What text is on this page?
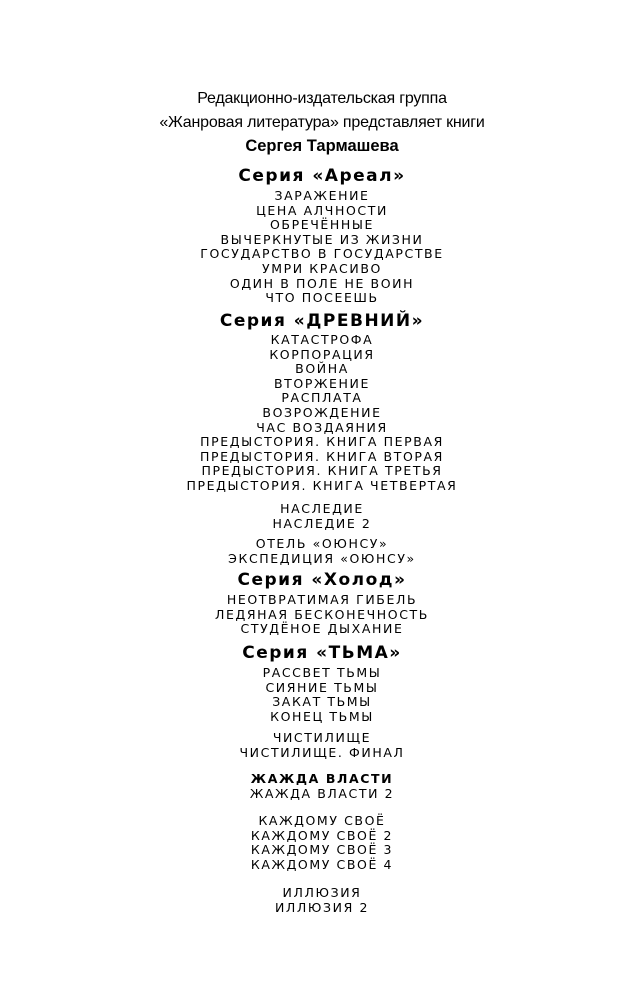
Редакционно-издательская группа
«Жанровая литература» представляет книги
Сергея Тармашева
Серия «Ареал»
ЗАРАЖЕНИЕ
ЦЕНА АЛЧНОСТИ
ОБРЕЧЁННЫЕ
ВЫЧЕРКНУТЫЕ ИЗ ЖИЗНИ
ГОСУДАРСТВО В ГОСУДАРСТВЕ
УМРИ КРАСИВО
ОДИН В ПОЛЕ НЕ ВОИН
ЧТО ПОСЕЕШЬ
Серия «ДРЕВНИЙ»
КАТАСТРОФА
КОРПОРАЦИЯ
ВОЙНА
ВТОРЖЕНИЕ
РАСПЛАТА
ВОЗРОЖДЕНИЕ
ЧАС ВОЗДАЯНИЯ
ПРЕДЫСТОРИЯ. КНИГА ПЕРВАЯ
ПРЕДЫСТОРИЯ. КНИГА ВТОРАЯ
ПРЕДЫСТОРИЯ. КНИГА ТРЕТЬЯ
ПРЕДЫСТОРИЯ. КНИГА ЧЕТВЕРТАЯ
НАСЛЕДИЕ
НАСЛЕДИЕ 2
ОТЕЛЬ «ОЮНСУ»
ЭКСПЕДИЦИЯ «ОЮНСУ»
Серия «Холод»
НЕОТВРАТИМАЯ ГИБЕЛЬ
ЛЕДЯНАЯ БЕСКОНЕЧНОСТЬ
СТУДЁНОЕ ДЫХАНИЕ
Серия «ТЬМА»
РАССВЕТ ТЬМЫ
СИЯНИЕ ТЬМЫ
ЗАКАТ ТЬМЫ
КОНЕЦ ТЬМЫ
ЧИСТИЛИЩЕ
ЧИСТИЛИЩЕ. ФИНАЛ
ЖАЖДА ВЛАСТИ
ЖАЖДА ВЛАСТИ 2
КАЖДОМУ СВОЁ
КАЖДОМУ СВОЁ 2
КАЖДОМУ СВОЁ 3
КАЖДОМУ СВОЁ 4
ИЛЛЮЗИЯ
ИЛЛЮЗИЯ 2
